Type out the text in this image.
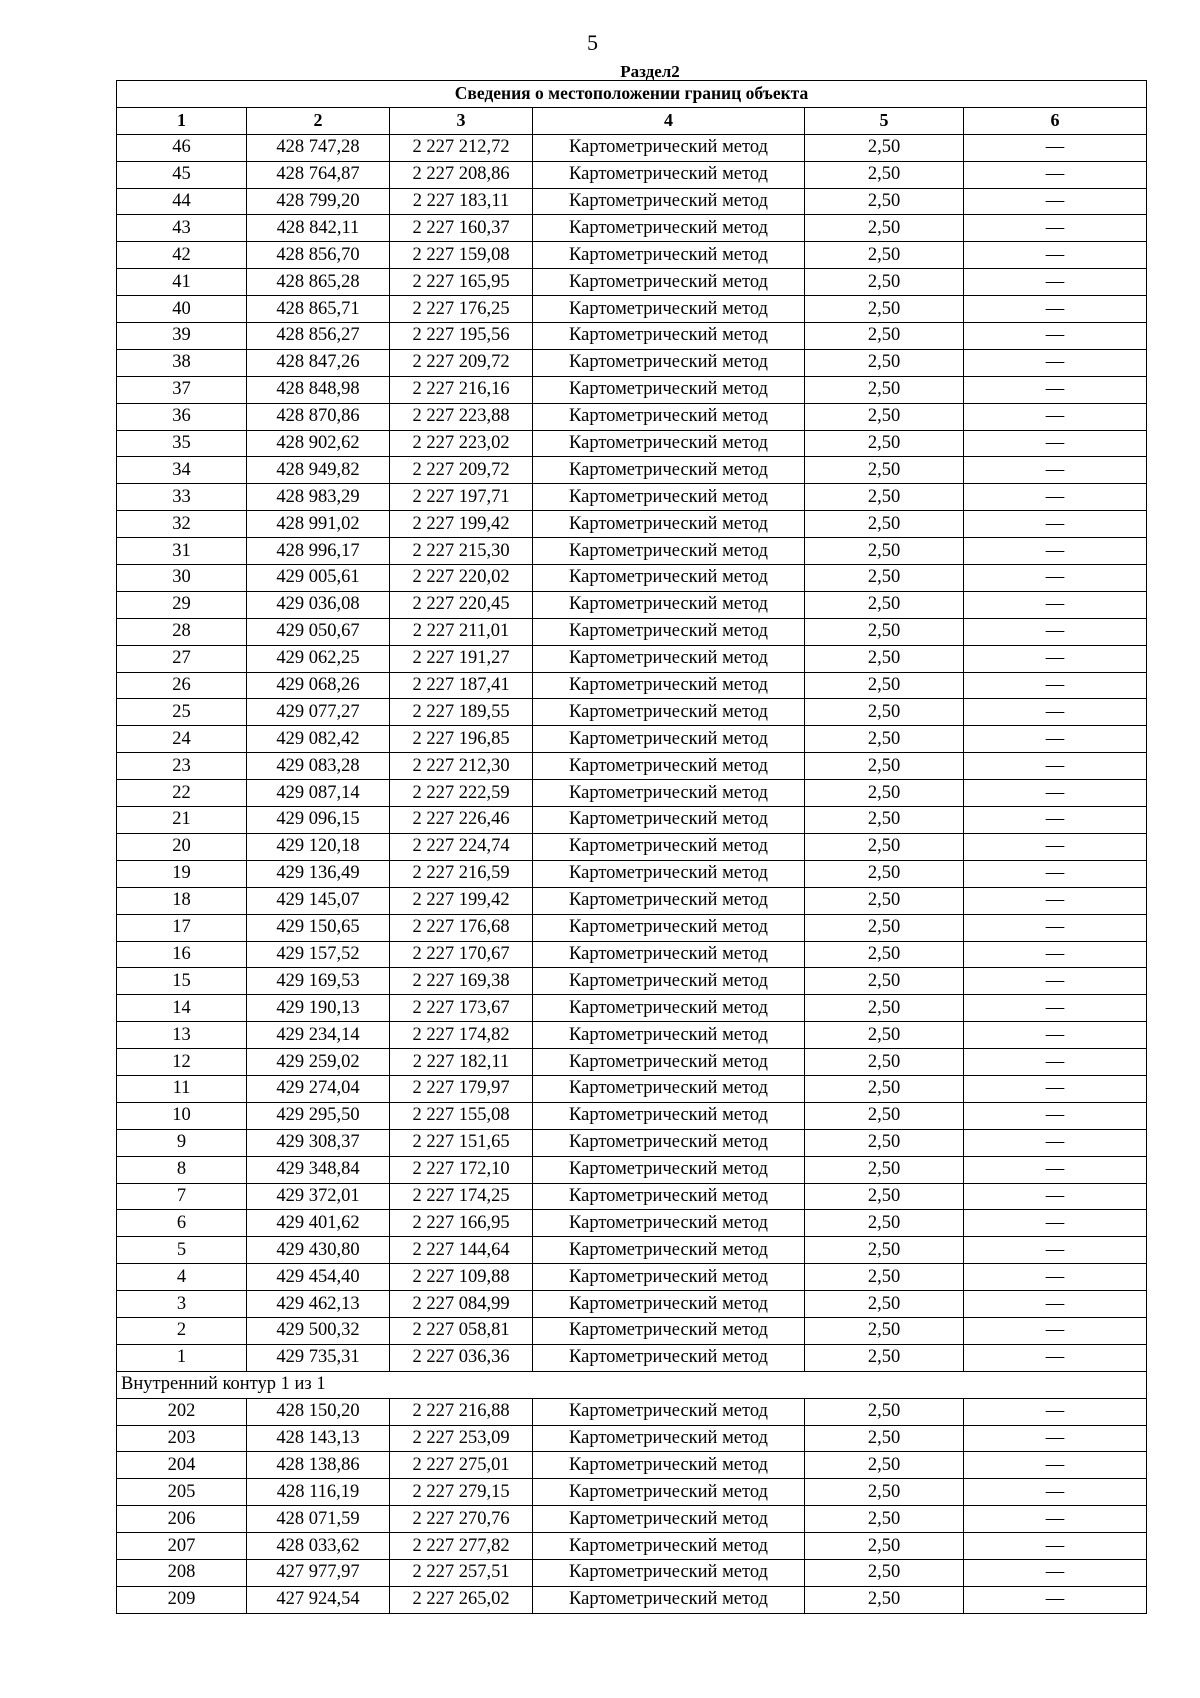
5
Раздел2
Сведения о местоположении границ объекта					
1	2	3	4	5	6
46	428 747,28	2 227 212,72	Картометрический метод	2,50	—
45	428 764,87	2 227 208,86	Картометрический метод	2,50	—
44	428 799,20	2 227 183,11	Картометрический метод	2,50	—
43	428 842,11	2 227 160,37	Картометрический метод	2,50	—
42	428 856,70	2 227 159,08	Картометрический метод	2,50	—
41	428 865,28	2 227 165,95	Картометрический метод	2,50	—
40	428 865,71	2 227 176,25	Картометрический метод	2,50	—
39	428 856,27	2 227 195,56	Картометрический метод	2,50	—
38	428 847,26	2 227 209,72	Картометрический метод	2,50	—
37	428 848,98	2 227 216,16	Картометрический метод	2,50	—
36	428 870,86	2 227 223,88	Картометрический метод	2,50	—
35	428 902,62	2 227 223,02	Картометрический метод	2,50	—
34	428 949,82	2 227 209,72	Картометрический метод	2,50	—
33	428 983,29	2 227 197,71	Картометрический метод	2,50	—
32	428 991,02	2 227 199,42	Картометрический метод	2,50	—
31	428 996,17	2 227 215,30	Картометрический метод	2,50	—
30	429 005,61	2 227 220,02	Картометрический метод	2,50	—
29	429 036,08	2 227 220,45	Картометрический метод	2,50	—
28	429 050,67	2 227 211,01	Картометрический метод	2,50	—
27	429 062,25	2 227 191,27	Картометрический метод	2,50	—
26	429 068,26	2 227 187,41	Картометрический метод	2,50	—
25	429 077,27	2 227 189,55	Картометрический метод	2,50	—
24	429 082,42	2 227 196,85	Картометрический метод	2,50	—
23	429 083,28	2 227 212,30	Картометрический метод	2,50	—
22	429 087,14	2 227 222,59	Картометрический метод	2,50	—
21	429 096,15	2 227 226,46	Картометрический метод	2,50	—
20	429 120,18	2 227 224,74	Картометрический метод	2,50	—
19	429 136,49	2 227 216,59	Картометрический метод	2,50	—
18	429 145,07	2 227 199,42	Картометрический метод	2,50	—
17	429 150,65	2 227 176,68	Картометрический метод	2,50	—
16	429 157,52	2 227 170,67	Картометрический метод	2,50	—
15	429 169,53	2 227 169,38	Картометрический метод	2,50	—
14	429 190,13	2 227 173,67	Картометрический метод	2,50	—
13	429 234,14	2 227 174,82	Картометрический метод	2,50	—
12	429 259,02	2 227 182,11	Картометрический метод	2,50	—
11	429 274,04	2 227 179,97	Картометрический метод	2,50	—
10	429 295,50	2 227 155,08	Картометрический метод	2,50	—
9	429 308,37	2 227 151,65	Картометрический метод	2,50	—
8	429 348,84	2 227 172,10	Картометрический метод	2,50	—
7	429 372,01	2 227 174,25	Картометрический метод	2,50	—
6	429 401,62	2 227 166,95	Картометрический метод	2,50	—
5	429 430,80	2 227 144,64	Картометрический метод	2,50	—
4	429 454,40	2 227 109,88	Картометрический метод	2,50	—
3	429 462,13	2 227 084,99	Картометрический метод	2,50	—
2	429 500,32	2 227 058,81	Картометрический метод	2,50	—
1	429 735,31	2 227 036,36	Картометрический метод	2,50	—
Внутренний контур 1 из 1					
202	428 150,20	2 227 216,88	Картометрический метод	2,50	—
203	428 143,13	2 227 253,09	Картометрический метод	2,50	—
204	428 138,86	2 227 275,01	Картометрический метод	2,50	—
205	428 116,19	2 227 279,15	Картометрический метод	2,50	—
206	428 071,59	2 227 270,76	Картометрический метод	2,50	—
207	428 033,62	2 227 277,82	Картометрический метод	2,50	—
208	427 977,97	2 227 257,51	Картометрический метод	2,50	—
209	427 924,54	2 227 265,02	Картометрический метод	2,50	—
